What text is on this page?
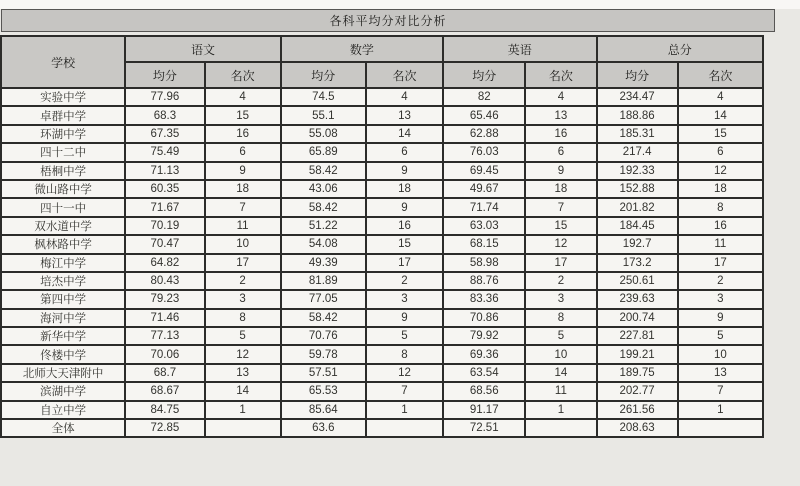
各科平均分对比分析
学校	语文		数学		英语		总分	
	均分	名次	均分	名次	均分	名次	均分	名次
实验中学	77.96	4	74.5	4	82	4	234.47	4
卓群中学	68.3	15	55.1	13	65.46	13	188.86	14
环湖中学	67.35	16	55.08	14	62.88	16	185.31	15
四十二中	75.49	6	65.89	6	76.03	6	217.4	6
梧桐中学	71.13	9	58.42	9	69.45	9	192.33	12
微山路中学	60.35	18	43.06	18	49.67	18	152.88	18
四十一中	71.67	7	58.42	9	71.74	7	201.82	8
双水道中学	70.19	11	51.22	16	63.03	15	184.45	16
枫林路中学	70.47	10	54.08	15	68.15	12	192.7	11
梅江中学	64.82	17	49.39	17	58.98	17	173.2	17
培杰中学	80.43	2	81.89	2	88.76	2	250.61	2
第四中学	79.23	3	77.05	3	83.36	3	239.63	3
海河中学	71.46	8	58.42	9	70.86	8	200.74	9
新华中学	77.13	5	70.76	5	79.92	5	227.81	5
佟楼中学	70.06	12	59.78	8	69.36	10	199.21	10
北师大天津附中	68.7	13	57.51	12	63.54	14	189.75	13
滨湖中学	68.67	14	65.53	7	68.56	11	202.77	7
自立中学	84.75	1	85.64	1	91.17	1	261.56	1
全体	72.85		63.6		72.51		208.63	
